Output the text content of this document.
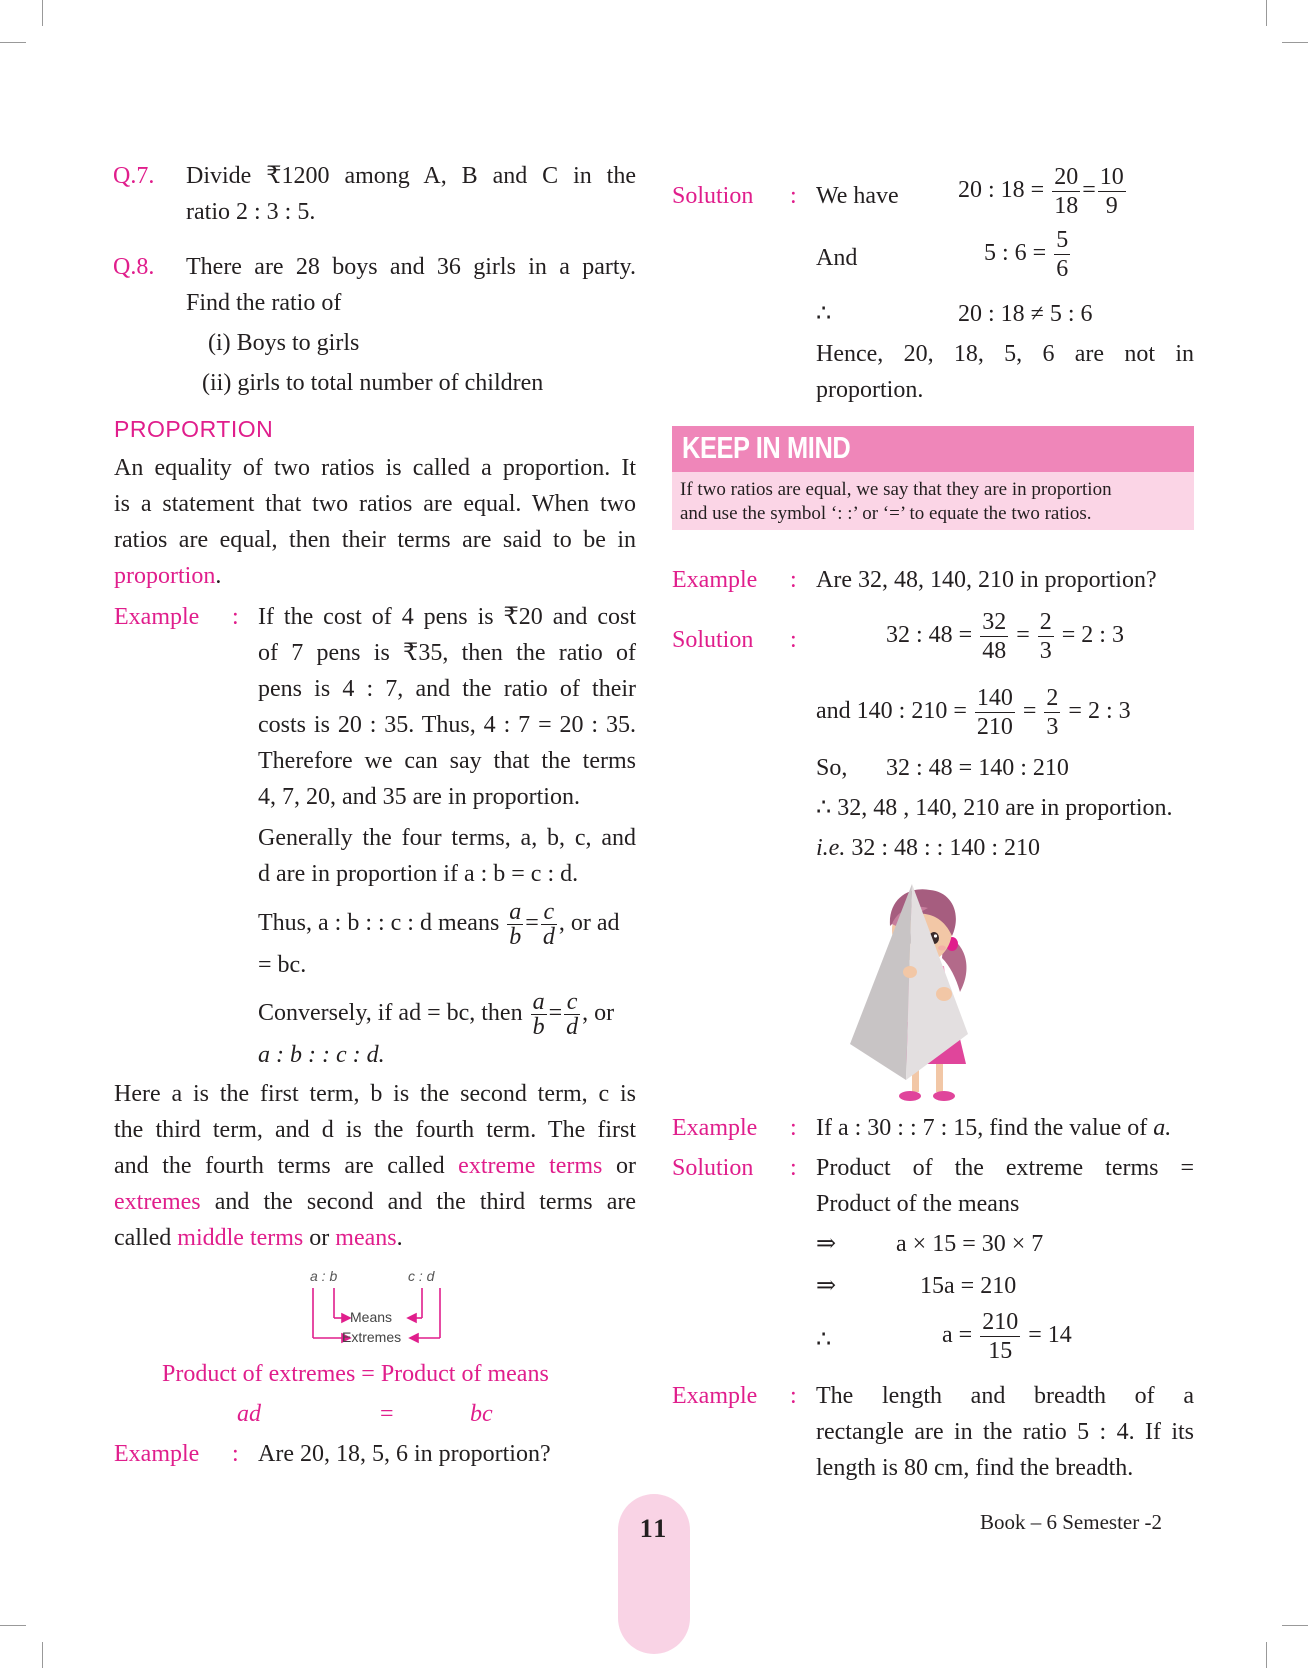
Q.7. Divide ₹1200 among A, B and C in the
ratio 2 : 3 : 5.
Q.8. There are 28 boys and 36 girls in a party.
Find the ratio of
(i) Boys to girls
(ii) girls to total number of children
PROPORTION
An equality of two ratios is called a proportion. It
is a statement that two ratios are equal. When two
ratios are equal, then their terms are said to be in
proportion.
Example : If the cost of 4 pens is ₹20 and cost
of 7 pens is ₹35, then the ratio of
pens is 4 : 7, and the ratio of their
costs is 20 : 35. Thus, 4 : 7 = 20 : 35.
Therefore we can say that the terms
4, 7, 20, and 35 are in proportion.
Generally the four terms, a, b, c, and
d are in proportion if a : b = c : d.
Thus, a : b : : c : d means $\frac{a}{b} = \frac{c}{d}$ , or ad
= bc.
Conversely, if ad = bc, then $\frac{a}{b} = \frac{c}{d}$ , or
a : b : : c : d.
Here a is the first term, b is the second term, c is
the third term, and d is the fourth term. The first
and the fourth terms are called extreme terms or
extremes and the second and the third terms are
called middle terms or means.
a : b	c : d
Means
Extremes
Product of extremes = Product of means
ad	=	bc
Example : Are 20, 18, 5, 6 in proportion?
Solution : We have 20 : $18 = \frac{20}{18} = \frac{10}{9}$
And	5 : $6 = \frac{5}{6}$
∴	20 : 18 ≠ 5 : 6
Hence, 20, 18, 5, 6 are not in
proportion.
KEEP IN MIND
If two ratios are equal, we say that they are in proportion
and use the symbol ‘: :’ or ‘=’ to equate the two ratios.
Example : Are 32, 48, 140, 210 in proportion?
Solution :	32 : $48 = \frac{32}{48} = \frac{2}{3} = 2$ : 3
and 140 : $210 = \frac{140}{210} = \frac{2}{3} = 2$ : 3
So, 32 : 48 = 140 : 210
∴ 32, 48 , 140, 210 are in proportion.
i.e. 32 : 48 : : 140 : 210
Example : If a : 30 : : 7 : 15, find the value of a.
Solution : Product of the extreme terms =
Product of the means
⇒ a × 15 = 30 × 7
⇒	15a = 210
∴	$a = \frac{210}{15} = 14$
Example : The length and breadth of a
rectangle are in the ratio 5 : 4. If its
length is 80 cm, find the breadth.
11	Book – 6 Semester -2
